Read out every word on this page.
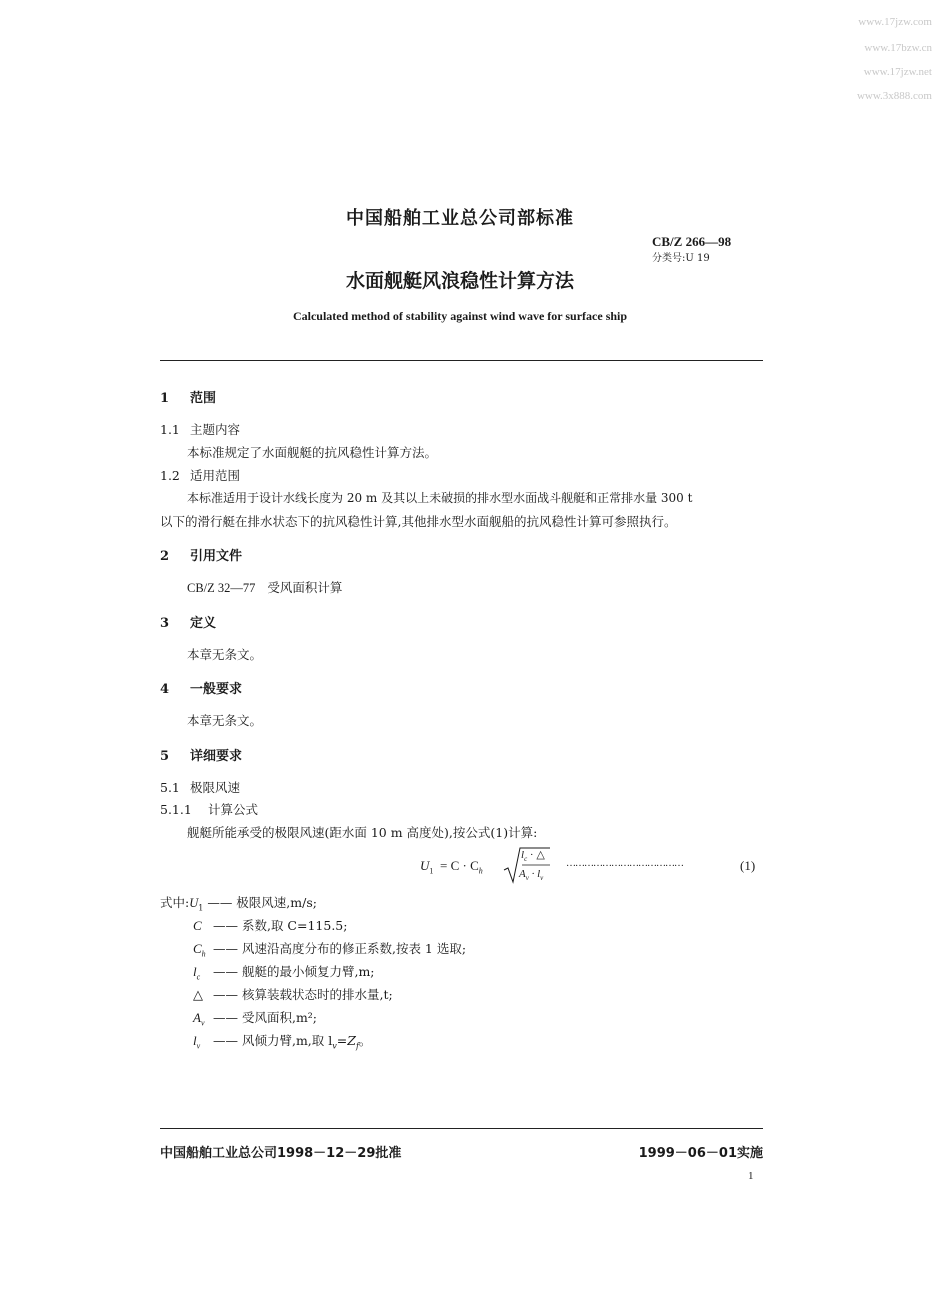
www.17jzw.com
www.17bzw.cn
www.17jzw.net
www.3x888.com
中国船舶工业总公司部标准
CB/Z 266—98
分类号:U 19
水面舰艇风浪稳性计算方法
Calculated method of stability against wind wave for surface ship
1 范围
1.1 主题内容
本标准规定了水面舰艇的抗风稳性计算方法。
1.2 适用范围
本标准适用于设计水线长度为 20 m 及其以上未破损的排水型水面战斗舰艇和正常排水量 300 t
以下的滑行艇在排水状态下的抗风稳性计算,其他排水型水面舰船的抗风稳性计算可参照执行。
2 引用文件
CB/Z 32—77 受风面积计算
3 定义
本章无条文。
4 一般要求
本章无条文。
5 详细要求
5.1 极限风速
5.1.1 计算公式
舰艇所能承受的极限风速(距水面 10 m 高度处),按公式(1)计算:
$U_1 = C \cdot C_h$
$l_c$ · △
$A_v \cdot l_v$
…………………………………	(1)
式中$:U_1$ —— 极限风速,m/s;
C —— 系数,取 C=115.5;
$C_h$ —— 风速沿高度分布的修正系数,按表 1 选取;
$l_c$ —— 舰艇的最小倾复力臂,m;
△ —— 核算装载状态时的排水量,t;
$A_v$ —— 受风面积,m²;
$l_v$ —— 风倾力臂,m,取 $l_v=Z_f$。
中国船舶工业总公司1998－12－29批准	1999－06－01实施
1
